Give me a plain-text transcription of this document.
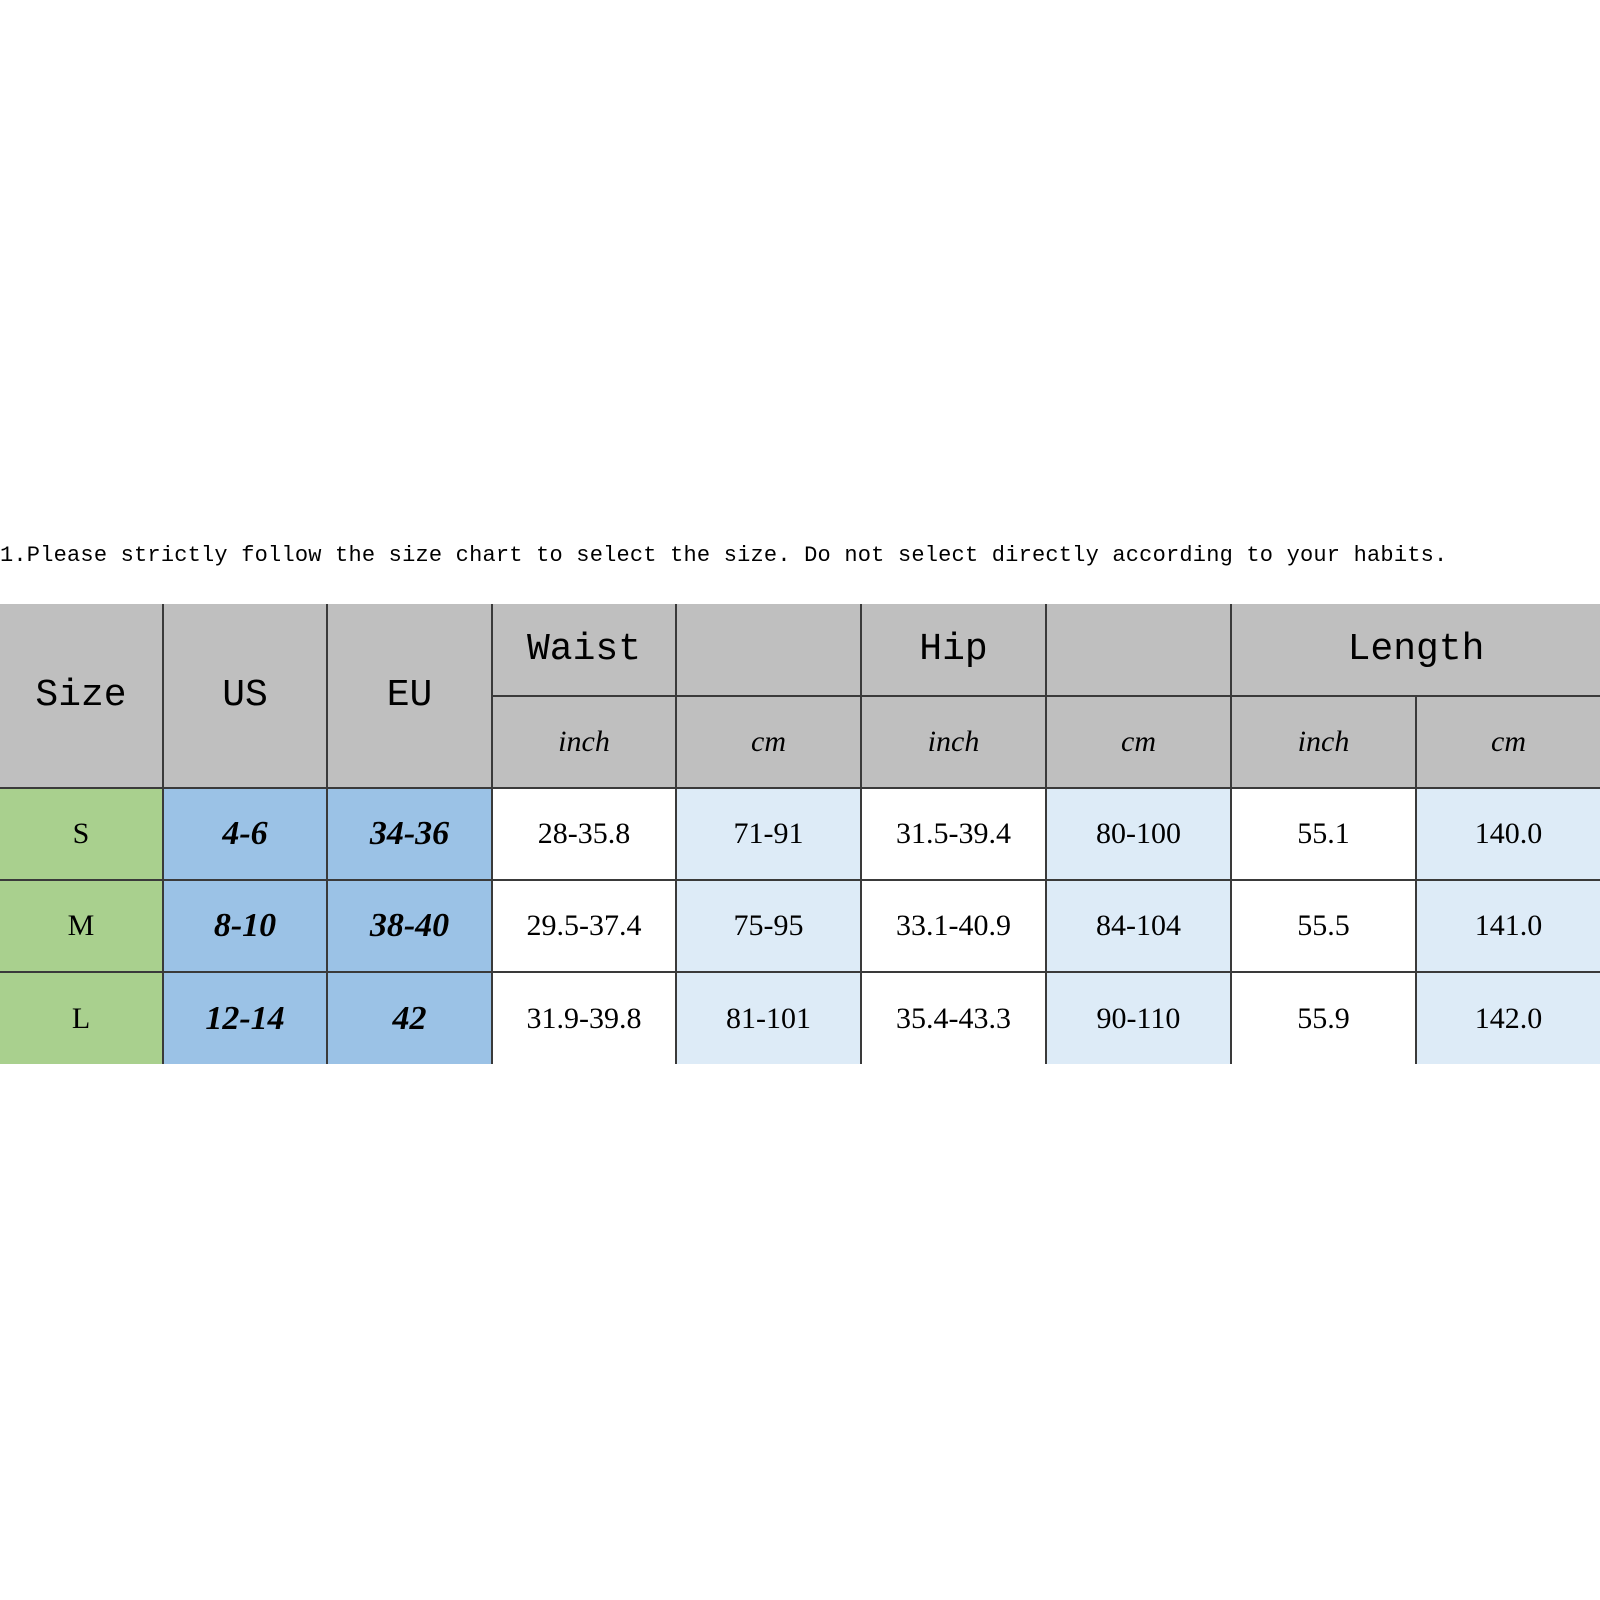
1.Please strictly follow the size chart to select the size. Do not select directly according to your habits.
Size	US	EU	Waist		Hip		Length	
			inch	cm	inch	cm	inch	cm
S	4-6	34-36	28-35.8	71-91	31.5-39.4	80-100	55.1	140.0
M	8-10	38-40	29.5-37.4	75-95	33.1-40.9	84-104	55.5	141.0
L	12-14	42	31.9-39.8	81-101	35.4-43.3	90-110	55.9	142.0
